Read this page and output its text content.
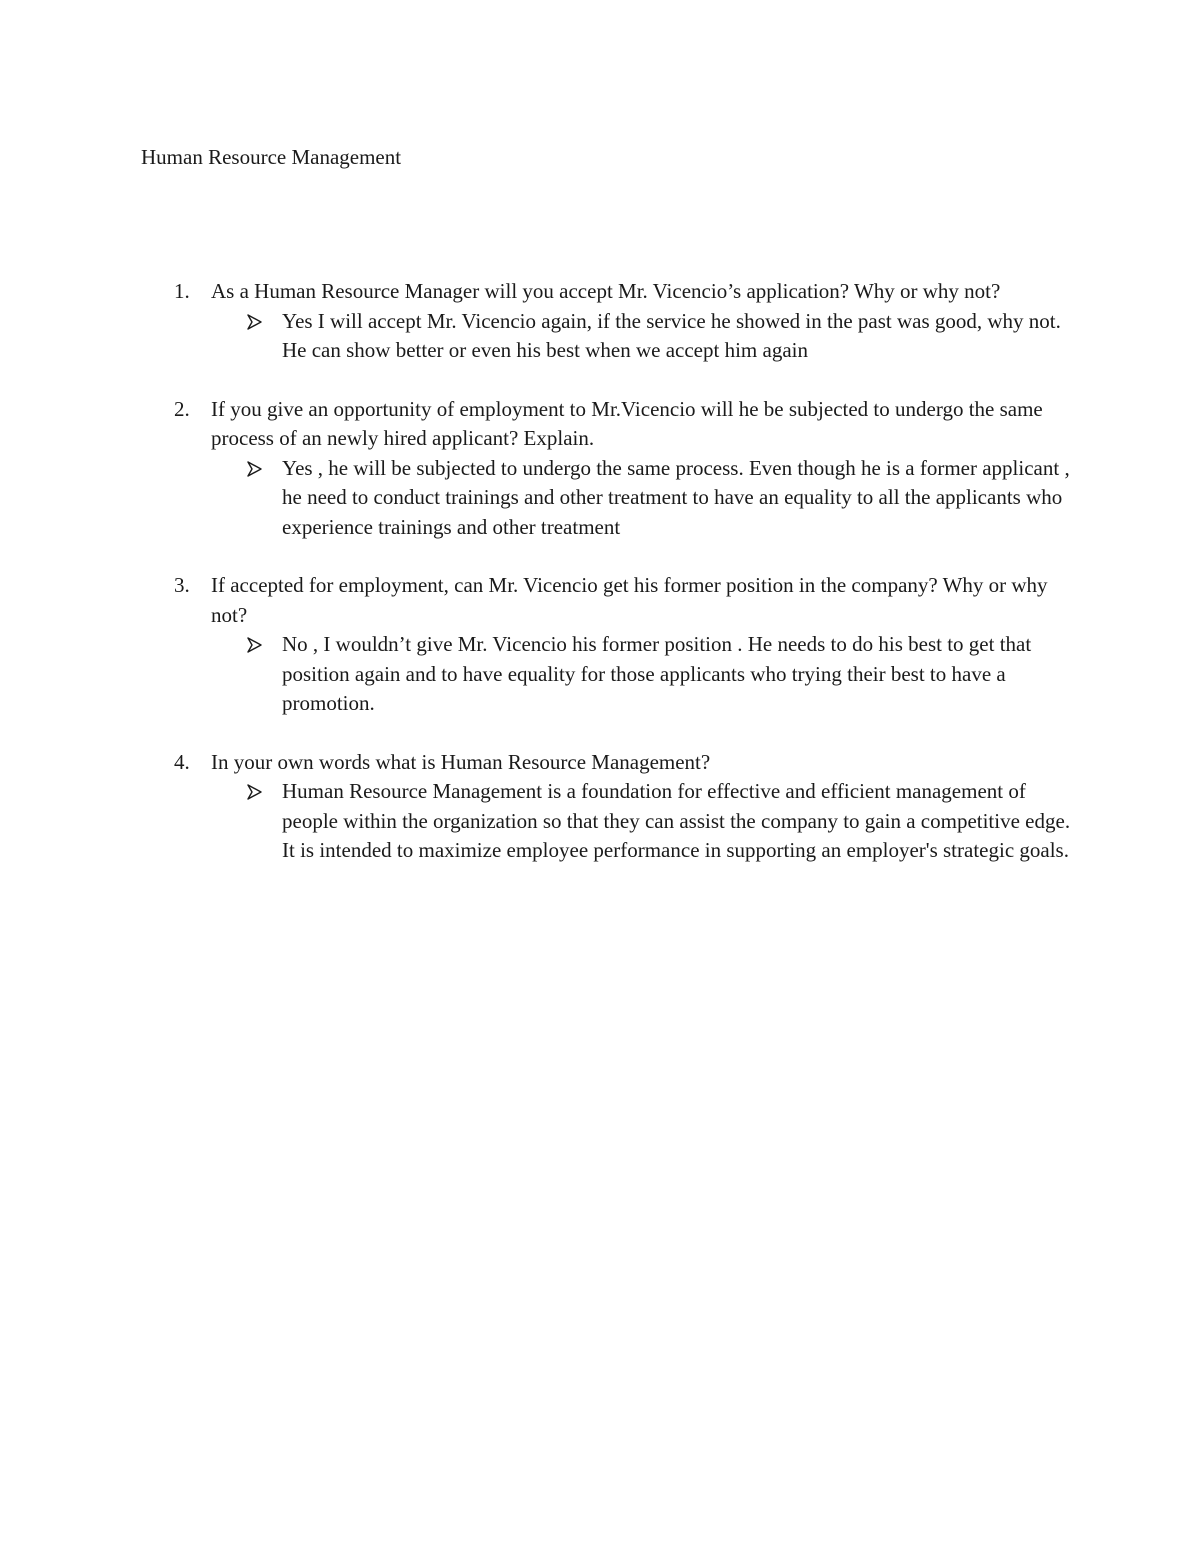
Human Resource Management
1. As a Human Resource Manager will you accept Mr. Vicencio’s application? Why or why not?
Yes I will accept Mr. Vicencio again, if the service he showed in the past was good, why not. He can show better or even his best when we accept him again
2. If you give an opportunity of employment to Mr.Vicencio will he be subjected to undergo the same process of an newly hired applicant? Explain.
Yes , he will be subjected to undergo the same process. Even though he is a former applicant , he need to conduct trainings and other treatment to have an equality to all the applicants who experience trainings and other treatment
3. If accepted for employment, can Mr. Vicencio get his former position in the company? Why or why not?
No , I wouldn’t give Mr. Vicencio his former position . He needs to do his best to get that position again and to have equality for those applicants who trying their best to have a promotion.
4. In your own words what is Human Resource Management?
Human Resource Management is a foundation for effective and efficient management of people within the organization so that they can assist the company to gain a competitive edge. It is intended to maximize employee performance in supporting an employer's strategic goals.
